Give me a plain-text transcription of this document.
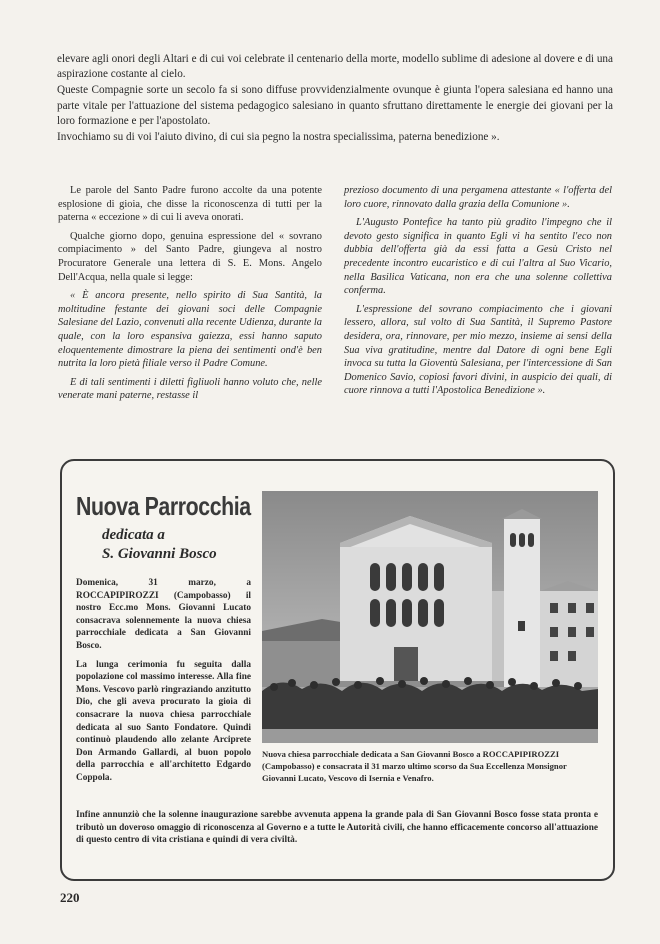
elevare agli onori degli Altari e di cui voi celebrate il centenario della morte, modello sublime di adesione al dovere e di una aspirazione costante al cielo.

Queste Compagnie sorte un secolo fa si sono diffuse provvidenzialmente ovunque è giunta l'opera salesiana ed hanno una parte vitale per l'attuazione del sistema pedagogico salesiano in quanto sfruttano direttamente le energie dei giovani per la loro formazione e per l'apostolato.

Invochiamo su di voi l'aiuto divino, di cui sia pegno la nostra specialissima, paterna benedizione ».

Le parole del Santo Padre furono accolte da una potente esplosione di gioia, che disse la riconoscenza di tutti per la paterna « eccezione » di cui li aveva onorati.

Qualche giorno dopo, genuina espressione del « sovrano compiacimento » del Santo Padre, giungeva al nostro Procuratore Generale una lettera di S. E. Mons. Angelo Dell'Acqua, nella quale si legge:

« È ancora presente, nello spirito di Sua Santità, la moltitudine festante dei giovani soci delle Compagnie Salesiane del Lazio, convenuti alla recente Udienza, durante la quale, con la loro espansiva gaiezza, essi hanno saputo eloquentemente dimostrare la piena dei sentimenti ond'è ben nutrita la loro pietà filiale verso il Padre Comune.

E di tali sentimenti i diletti figliuoli hanno voluto che, nelle venerate mani paterne, restasse il

prezioso documento di una pergamena attestante « l'offerta del loro cuore, rinnovato dalla grazia della Comunione ».

L'Augusto Pontefice ha tanto più gradito l'impegno che il devoto gesto significa in quanto Egli vi ha sentito l'eco non dubbia dell'offerta già da essi fatta a Gesù Cristo nel precedente incontro eucaristico e di cui l'altra al Suo Vicario, nella Basilica Vaticana, non era che una solenne collettiva conferma.

L'espressione del sovrano compiacimento che i giovani lessero, allora, sul volto di Sua Santità, il Supremo Pastore desidera, ora, rinnovare, per mio mezzo, insieme ai sensi della Sua viva gratitudine, mentre dal Datore di ogni bene Egli invoca su tutta la Gioventù Salesiana, per l'intercessione di San Domenico Savio, copiosi favori divini, in auspicio dei quali, di cuore rinnova a tutti l'Apostolica Benedizione ».

Nuova Parrocchia
dedicata a
S. Giovanni Bosco

Domenica, 31 marzo, a ROCCAPIPIROZZI (Campobasso) il nostro Ecc.mo Mons. Giovanni Lucato consacrava solennemente la nuova chiesa parrocchiale dedicata a San Giovanni Bosco.

La lunga cerimonia fu seguita dalla popolazione col massimo interesse. Alla fine Mons. Vescovo parlò ringraziando anzitutto Dio, che gli aveva procurato la gioia di consacrare la nuova chiesa parrocchiale dedicata al suo Santo Fondatore. Quindi continuò plaudendo allo zelante Arciprete Don Armando Gallardi, al buon popolo della parrocchia e all'architetto Edgardo Coppola.

Nuova chiesa parrocchiale dedicata a San Giovanni Bosco a ROCCAPIPIROZZI (Campobasso) e consacrata il 31 marzo ultimo scorso da Sua Eccellenza Monsignor Giovanni Lucato, Vescovo di Isernia e Venafro.
Infine annunziò che la solenne inaugurazione sarebbe avvenuta appena la grande pala di San Giovanni Bosco fosse stata pronta e tributò un doveroso omaggio di riconoscenza al Governo e a tutte le Autorità civili, che hanno efficacemente concorso all'attuazione di questo centro di vita cristiana e quindi di vera civiltà.
220
